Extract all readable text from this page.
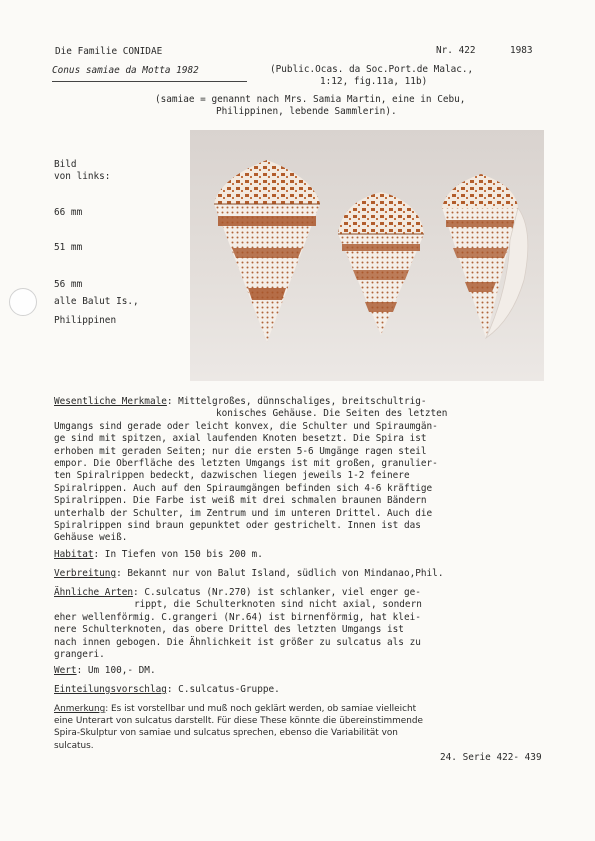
Die Familie CONIDAE	Nr. 422	1983
Conus samiae da Motta 1982	(Public.Ocas. da Soc.Port.de Malac.,
1:12, fig.11a, 11b)
(samiae = genannt nach Mrs. Samia Martin, eine in Cebu,
Philippinen, lebende Sammlerin).
Bild
von links:
66 mm
51 mm
56 mm
alle Balut Is.,
Philippinen
Wesentliche Merkmale: Mittelgroßes, dünnschaliges, breitschultrig-
konisches Gehäuse. Die Seiten des letzten
Umgangs sind gerade oder leicht konvex, die Schulter und Spiraumgän-
ge sind mit spitzen, axial laufenden Knoten besetzt. Die Spira ist
erhoben mit geraden Seiten; nur die ersten 5-6 Umgänge ragen steil
empor. Die Oberfläche des letzten Umgangs ist mit großen, granulier-
ten Spiralrippen bedeckt, dazwischen liegen jeweils 1-2 feinere
Spiralrippen. Auch auf den Spiraumgängen befinden sich 4-6 kräftige
Spiralrippen. Die Farbe ist weiß mit drei schmalen braunen Bändern
unterhalb der Schulter, im Zentrum und im unteren Drittel. Auch die
Spiralrippen sind braun gepunktet oder gestrichelt. Innen ist das
Gehäuse weiß.
Habitat: In Tiefen von 150 bis 200 m.
Verbreitung: Bekannt nur von Balut Island, südlich von Mindanao,Phil.
Ähnliche Arten: C.sulcatus (Nr.270) ist schlanker, viel enger ge-
rippt, die Schulterknoten sind nicht axial, sondern
eher wellenförmig. C.grangeri (Nr.64) ist birnenförmig, hat klei-
nere Schulterknoten, das obere Drittel des letzten Umgangs ist
nach innen gebogen. Die Ähnlichkeit ist größer zu sulcatus als zu
grangeri.
Wert: Um 100,- DM.
Einteilungsvorschlag: C.sulcatus-Gruppe.
Anmerkung: Es ist vorstellbar und muß noch geklärt werden, ob samiae vielleicht
eine Unterart von sulcatus darstellt. Für diese These könnte die übereinstimmende
Spira-Skulptur von samiae und sulcatus sprechen, ebenso die Variabilität von
sulcatus.
24. Serie 422- 439
